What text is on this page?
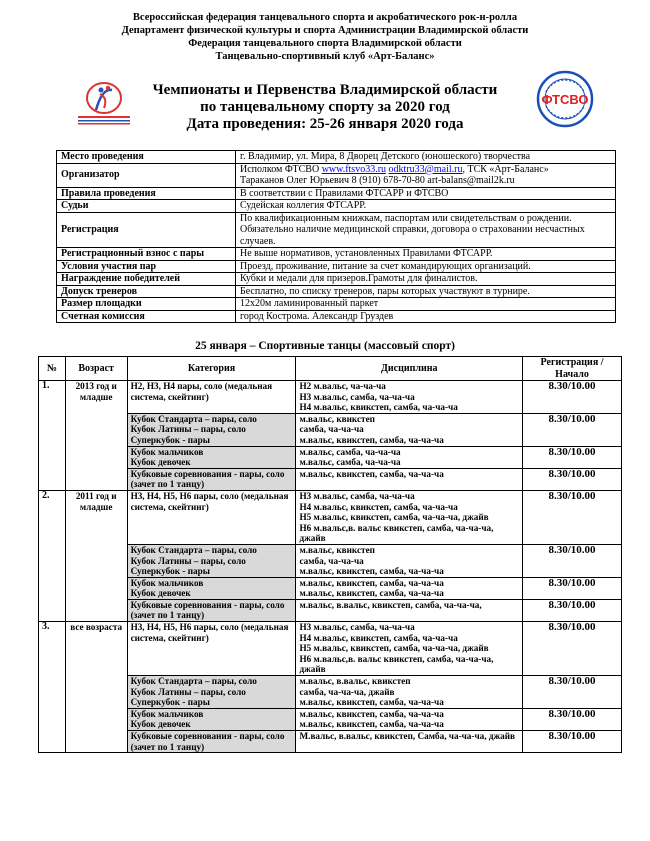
Всероссийская федерация танцевального спорта и акробатического рок-н-ролла
Департамент физической культуры и спорта Администрации Владимирской области
Федерация танцевального спорта Владимирской области
Танцевально-спортивный клуб «Арт-Баланс»
ФТСВО
Чемпионаты и Первенства Владимирской области
по танцевальному спорту за 2020 год
Дата проведения: 25-26 января 2020 года
Место проведения	г. Владимир, ул. Мира, 8 Дворец Детского (юношеского) творчества
Организатор	Исполком ФТСВО www.ftsvo33.ru odktru33@mail.ru, ТСК «Арт-Баланс»
Тараканов Олег Юрьевич 8 (910) 678-70-80 art-balans@mail2k.ru
Правила проведения	В соответствии с Правилами ФТСАРР и ФТСВО
Судьи	Судейская коллегия ФТСАРР.
Регистрация	По квалификационным книжкам, паспортам или свидетельствам о рождении.
Обязательно наличие медицинской справки, договора о страховании несчастных случаев.
Регистрационный взнос с пары	Не выше нормативов, установленных Правилами ФТСАРР.
Условия участия пар	Проезд, проживание, питание за счет командирующих организаций.
Награждение победителей	Кубки и медали для призеров.Грамоты для финалистов.
Допуск тренеров	Бесплатно, по списку тренеров, пары которых участвуют в турнире.
Размер площадки	12х20м ламинированный паркет
Счетная комиссия	город Кострома. Александр Груздев
25 января – Спортивные танцы (массовый спорт)
№	Возраст	Категория	Дисциплина	Регистрация / Начало
1.	2013 год и младше	Н2, Н3, Н4 пары, соло (медальная система, скейтинг)	Н2 м.вальс, ча-ча-ча
Н3 м.вальс, самба, ча-ча-ча
Н4 м.вальс, квикстеп, самба, ча-ча-ча	8.30/10.00
		Кубок Стандарта – пары, соло
Кубок Латины – пары, соло
Суперкубок - пары	м.вальс, квикстеп
самба, ча-ча-ча
м.вальс, квикстеп, самба, ча-ча-ча	8.30/10.00
		Кубок мальчиков
Кубок девочек	м.вальс, самба, ча-ча-ча
м.вальс, самба, ча-ча-ча	8.30/10.00
		Кубковые соревнования - пары, соло (зачет по 1 танцу)	м.вальс, квикстеп, самба, ча-ча-ча	8.30/10.00
2.	2011 год и младше	Н3, Н4, Н5, Н6 пары, соло (медальная система, скейтинг)	Н3 м.вальс, самба, ча-ча-ча
Н4 м.вальс, квикстеп, самба, ча-ча-ча
Н5 м.вальс, квикстеп, самба, ча-ча-ча, джайв
Н6 м.вальс,в. вальс квикстеп, самба, ча-ча-ча, джайв	8.30/10.00
		Кубок Стандарта – пары, соло
Кубок Латины – пары, соло
Суперкубок - пары	м.вальс, квикстеп
самба, ча-ча-ча
м.вальс, квикстеп, самба, ча-ча-ча	8.30/10.00
		Кубок мальчиков
Кубок девочек	м.вальс, квикстеп, самба, ча-ча-ча
м.вальс, квикстеп, самба, ча-ча-ча	8.30/10.00
		Кубковые соревнования - пары, соло (зачет по 1 танцу)	м.вальс, в.вальс, квикстеп, самба, ча-ча-ча,	8.30/10.00
3.	все возраста	Н3, Н4, Н5, Н6 пары, соло (медальная система, скейтинг)	Н3 м.вальс, самба, ча-ча-ча
Н4 м.вальс, квикстеп, самба, ча-ча-ча
Н5 м.вальс, квикстеп, самба, ча-ча-ча, джайв
Н6 м.вальс,в. вальс квикстеп, самба, ча-ча-ча, джайв	8.30/10.00
		Кубок Стандарта – пары, соло
Кубок Латины – пары, соло
Суперкубок - пары	м.вальс, в.вальс, квикстеп
самба, ча-ча-ча, джайв
м.вальс, квикстеп, самба, ча-ча-ча	8.30/10.00
		Кубок мальчиков
Кубок девочек	м.вальс, квикстеп, самба, ча-ча-ча
м.вальс, квикстеп, самба, ча-ча-ча	8.30/10.00
		Кубковые соревнования - пары, соло (зачет по 1 танцу)	М.вальс, в.вальс, квикстеп, Самба, ча-ча-ча, джайв	8.30/10.00
